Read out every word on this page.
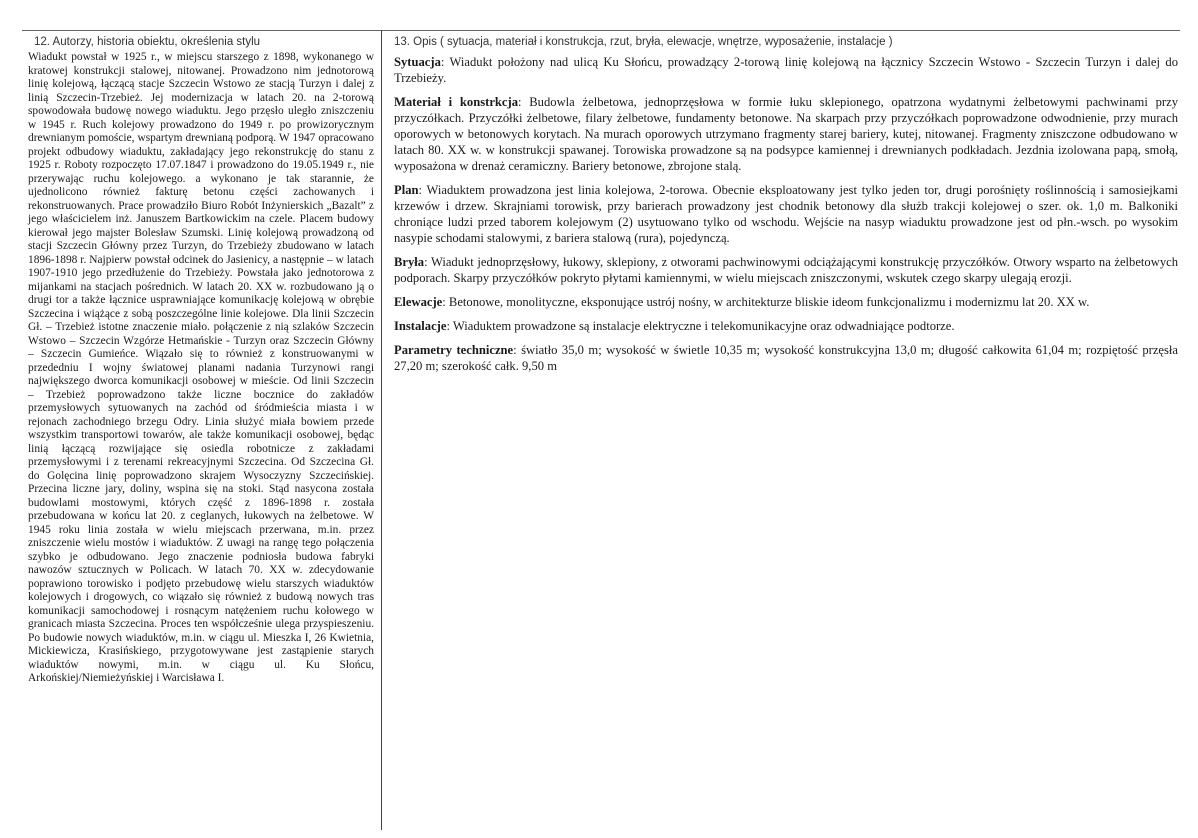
12. Autorzy, historia obiektu, określenia stylu

Wiadukt powstał w 1925 r., w miejscu starszego z 1898, wykonanego w kratowej konstrukcji stalowej, nitowanej. Prowadzono nim jednotorową linię kolejową, łączącą stacje Szczecin Wstowo ze stacją Turzyn i dalej z linią Szczecin-Trzebież. Jej modernizacja w latach 20. na 2-torową spowodowała budowę nowego wiaduktu. Jego przęsło uległo zniszczeniu w 1945 r. Ruch kolejowy prowadzono do 1949 r. po prowizorycznym drewnianym pomoście, wspartym drewnianą podporą. W 1947 opracowano projekt odbudowy wiaduktu, zakładający jego rekonstrukcję do stanu z 1925 r. Roboty rozpoczęto 17.07.1847 i prowadzono do 19.05.1949 r., nie przerywając ruchu kolejowego. a wykonano je tak starannie, że ujednolicono również fakturę betonu części zachowanych i rekonstruowanych. Prace prowadziło Biuro Robót Inżynierskich „Bazalt” z jego właścicielem inż. Januszem Bartkowickim na czele. Placem budowy kierował jego majster Bolesław Szumski. Linię kolejową prowadzoną od stacji Szczecin Główny przez Turzyn, do Trzebieży zbudowano w latach 1896-1898 r. Najpierw powstał odcinek do Jasienicy, a następnie – w latach 1907-1910 jego przedłużenie do Trzebieży. Powstała jako jednotorowa z mijankami na stacjach pośrednich. W latach 20. XX w. rozbudowano ją o drugi tor a także łącznice usprawniające komunikację kolejową w obrębie Szczecina i wiążące z sobą poszczególne linie kolejowe. Dla linii Szczecin Gł. – Trzebież istotne znaczenie miało. połączenie z nią szlaków Szczecin Wstowo – Szczecin Wzgórze Hetmańskie - Turzyn oraz Szczecin Główny – Szczecin Gumieńce. Wiązało się to również z konstruowanymi w przededniu I wojny światowej planami nadania Turzynowi rangi największego dworca komunikacji osobowej w mieście. Od linii Szczecin – Trzebież poprowadzono także liczne bocznice do zakładów przemysłowych sytuowanych na zachód od śródmieścia miasta i w rejonach zachodniego brzegu Odry. Linia służyć miała bowiem przede wszystkim transportowi towarów, ale także komunikacji osobowej, będąc linią łączącą rozwijające się osiedla robotnicze z zakładami przemysłowymi i z terenami rekreacyjnymi Szczecina. Od Szczecina Gł. do Golęcina linię poprowadzono skrajem Wysoczyzny Szczecińskiej. Przecina liczne jary, doliny, wspina się na stoki. Stąd nasycona została budowlami mostowymi, których część z 1896-1898 r. została przebudowana w końcu lat 20. z ceglanych, łukowych na żelbetowe. W 1945 roku linia została w wielu miejscach przerwana, m.in. przez zniszczenie wielu mostów i wiaduktów. Z uwagi na rangę tego połączenia szybko je odbudowano. Jego znaczenie podniosła budowa fabryki nawozów sztucznych w Policach. W latach 70. XX w. zdecydowanie poprawiono torowisko i podjęto przebudowę wielu starszych wiaduktów kolejowych i drogowych, co wiązało się również z budową nowych tras komunikacji samochodowej i rosnącym natężeniem ruchu kołowego w granicach miasta Szczecina. Proces ten współcześnie ulega przyspieszeniu. Po budowie nowych wiaduktów, m.in. w ciągu ul. Mieszka I, 26 Kwietnia, Mickiewicza, Krasińskiego, przygotowywane jest zastąpienie starych wiaduktów nowymi, m.in. w ciągu ul. Ku Słońcu, Arkońskiej/Niemieżyńskiej i Warcisława I.

13. Opis ( sytuacja, materiał i konstrukcja, rzut, bryła, elewacje, wnętrze, wyposażenie, instalacje )

Sytuacja: Wiadukt położony nad ulicą Ku Słońcu, prowadzący 2-torową linię kolejową na łącznicy Szczecin Wstowo - Szczecin Turzyn i dalej do Trzebieży.

Materiał i konstrkcja: Budowla żelbetowa, jednoprzęsłowa w formie łuku sklepionego, opatrzona wydatnymi żelbetowymi pachwinami przy przyczółkach. Przyczółki żelbetowe, filary żelbetowe, fundamenty betonowe. Na skarpach przy przyczółkach poprowadzone odwodnienie, przy murach oporowych w betonowych korytach. Na murach oporowych utrzymano fragmenty starej bariery, kutej, nitowanej. Fragmenty zniszczone odbudowano w latach 80. XX w. w konstrukcji spawanej. Torowiska prowadzone są na podsypce kamiennej i drewnianych podkładach. Jezdnia izolowana papą, smołą, wyposażona w drenaż ceramiczny. Bariery betonowe, zbrojone stalą.

Plan: Wiaduktem prowadzona jest linia kolejowa, 2-torowa. Obecnie eksploatowany jest tylko jeden tor, drugi porośnięty roślinnością i samosiejkami krzewów i drzew. Skrajniami torowisk, przy barierach prowadzony jest chodnik betonowy dla służb trakcji kolejowej o szer. ok. 1,0 m. Balkoniki chroniące ludzi przed taborem kolejowym (2) usytuowano tylko od wschodu. Wejście na nasyp wiaduktu prowadzone jest od płn.-wsch. po wysokim nasypie schodami stalowymi, z bariera stalową (rura), pojedynczą.

Bryła: Wiadukt jednoprzęsłowy, łukowy, sklepiony, z otworami pachwinowymi odciążającymi konstrukcję przyczółków. Otwory wsparto na żelbetowych podporach. Skarpy przyczółków pokryto płytami kamiennymi, w wielu miejscach zniszczonymi, wskutek czego skarpy ulegają erozji.

Elewacje: Betonowe, monolityczne, eksponujące ustrój nośny, w architekturze bliskie ideom funkcjonalizmu i modernizmu lat 20. XX w.

Instalacje: Wiaduktem prowadzone są instalacje elektryczne i telekomunikacyjne oraz odwadniające podtorze.

Parametry techniczne: światło 35,0 m; wysokość w świetle 10,35 m; wysokość konstrukcyjna 13,0 m; długość całkowita 61,04 m; rozpiętość przęsła 27,20 m; szerokość całk. 9,50 m
